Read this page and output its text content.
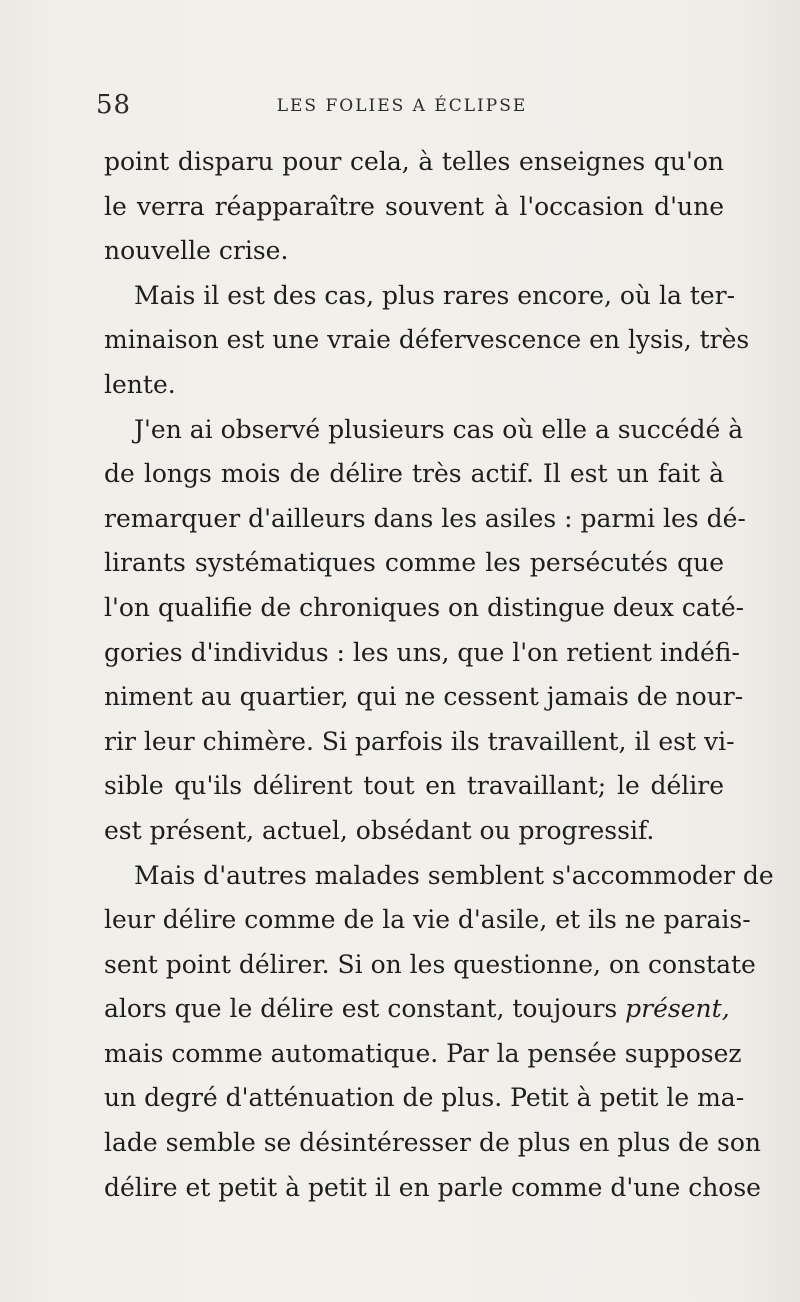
58	LES FOLIES A ÉCLIPSE
point disparu pour cela, à telles enseignes qu'on
le verra réapparaître souvent à l'occasion d'une
nouvelle crise.
Mais il est des cas, plus rares encore, où la ter-
minaison est une vraie défervescence en lysis, très
lente.
J'en ai observé plusieurs cas où elle a succédé à
de longs mois de délire très actif. Il est un fait à
remarquer d'ailleurs dans les asiles : parmi les dé-
lirants systématiques comme les persécutés que
l'on qualifie de chroniques on distingue deux caté-
gories d'individus : les uns, que l'on retient indéfi-
niment au quartier, qui ne cessent jamais de nour-
rir leur chimère. Si parfois ils travaillent, il est vi-
sible qu'ils délirent tout en travaillant; le délire
est présent, actuel, obsédant ou progressif.
Mais d'autres malades semblent s'accommoder de
leur délire comme de la vie d'asile, et ils ne parais-
sent point délirer. Si on les questionne, on constate
alors que le délire est constant, toujours présent,
mais comme automatique. Par la pensée supposez
un degré d'atténuation de plus. Petit à petit le ma-
lade semble se désintéresser de plus en plus de son
délire et petit à petit il en parle comme d'une chose
